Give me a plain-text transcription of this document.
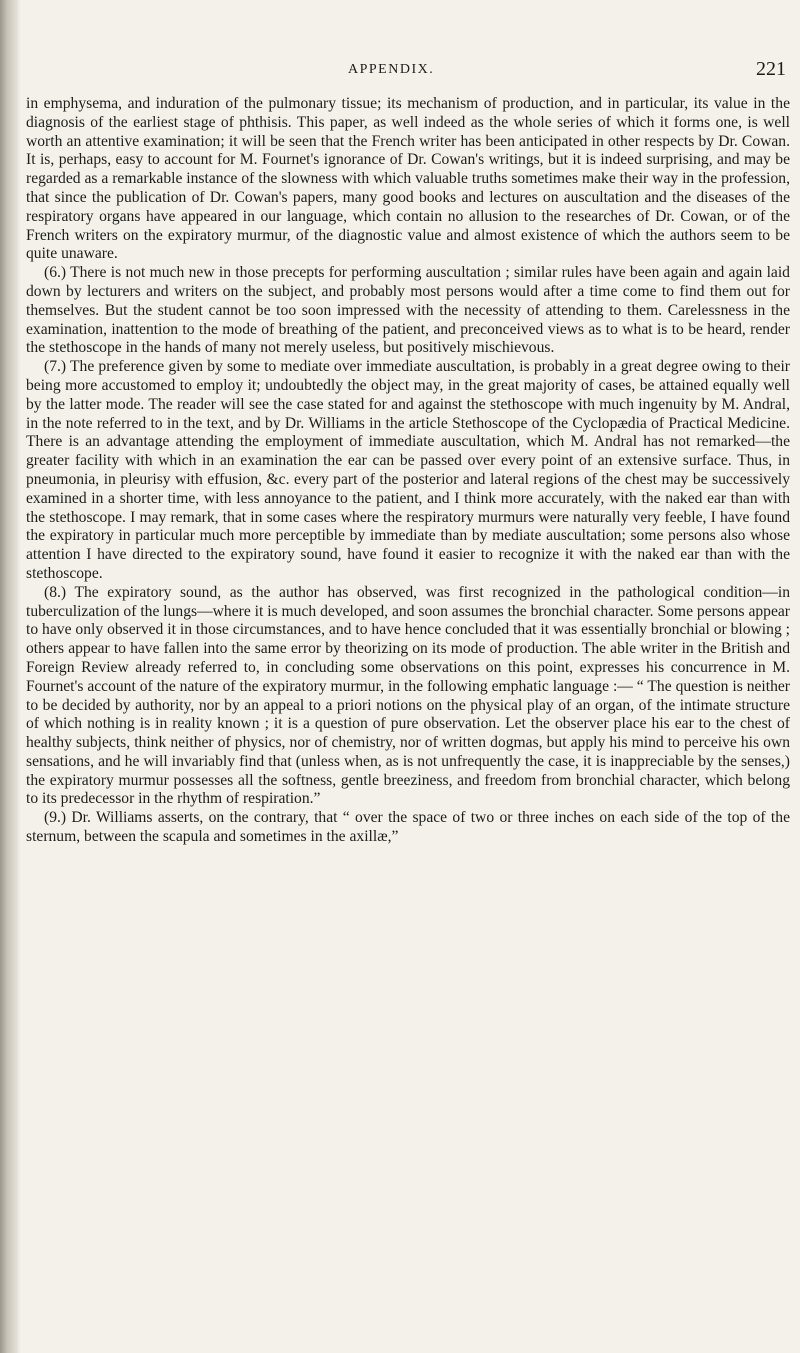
APPENDIX.	221

in emphysema, and induration of the pulmonary tissue; its mechanism of production, and in particular, its value in the diagnosis of the earliest stage of phthisis. This paper, as well indeed as the whole series of which it forms one, is well worth an attentive examination; it will be seen that the French writer has been anticipated in other respects by Dr. Cowan. It is, perhaps, easy to account for M. Fournet's ignorance of Dr. Cowan's writings, but it is indeed surprising, and may be regarded as a remarkable instance of the slowness with which valuable truths sometimes make their way in the profession, that since the publication of Dr. Cowan's papers, many good books and lectures on auscultation and the diseases of the respiratory organs have appeared in our language, which contain no allusion to the researches of Dr. Cowan, or of the French writers on the expiratory murmur, of the diagnostic value and almost existence of which the authors seem to be quite unaware.

(6.) There is not much new in those precepts for performing auscultation ; similar rules have been again and again laid down by lecturers and writers on the subject, and probably most persons would after a time come to find them out for themselves. But the student cannot be too soon impressed with the necessity of attending to them. Carelessness in the examination, inattention to the mode of breathing of the patient, and preconceived views as to what is to be heard, render the stethoscope in the hands of many not merely useless, but positively mischievous.

(7.) The preference given by some to mediate over immediate auscultation, is probably in a great degree owing to their being more accustomed to employ it; undoubtedly the object may, in the great majority of cases, be attained equally well by the latter mode. The reader will see the case stated for and against the stethoscope with much ingenuity by M. Andral, in the note referred to in the text, and by Dr. Williams in the article Stethoscope of the Cyclopædia of Practical Medicine. There is an advantage attending the employment of immediate auscultation, which M. Andral has not remarked—the greater facility with which in an examination the ear can be passed over every point of an extensive surface. Thus, in pneumonia, in pleurisy with effusion, &c. every part of the posterior and lateral regions of the chest may be successively examined in a shorter time, with less annoyance to the patient, and I think more accurately, with the naked ear than with the stethoscope. I may remark, that in some cases where the respiratory murmurs were naturally very feeble, I have found the expiratory in particular much more perceptible by immediate than by mediate auscultation; some persons also whose attention I have directed to the expiratory sound, have found it easier to recognize it with the naked ear than with the stethoscope.

(8.) The expiratory sound, as the author has observed, was first recognized in the pathological condition—in tuberculization of the lungs—where it is much developed, and soon assumes the bronchial character. Some persons appear to have only observed it in those circumstances, and to have hence concluded that it was essentially bronchial or blowing ; others appear to have fallen into the same error by theorizing on its mode of production. The able writer in the British and Foreign Review already referred to, in concluding some observations on this point, expresses his concurrence in M. Fournet's account of the nature of the expiratory murmur, in the following emphatic language :— “ The question is neither to be decided by authority, nor by an appeal to a priori notions on the physical play of an organ, of the intimate structure of which nothing is in reality known ; it is a question of pure observation. Let the observer place his ear to the chest of healthy subjects, think neither of physics, nor of chemistry, nor of written dogmas, but apply his mind to perceive his own sensations, and he will invariably find that (unless when, as is not unfrequently the case, it is inappreciable by the senses,) the expiratory murmur possesses all the softness, gentle breeziness, and freedom from bronchial character, which belong to its predecessor in the rhythm of respiration.”

(9.) Dr. Williams asserts, on the contrary, that “ over the space of two or three inches on each side of the top of the sternum, between the scapula and sometimes in the axillæ,”
